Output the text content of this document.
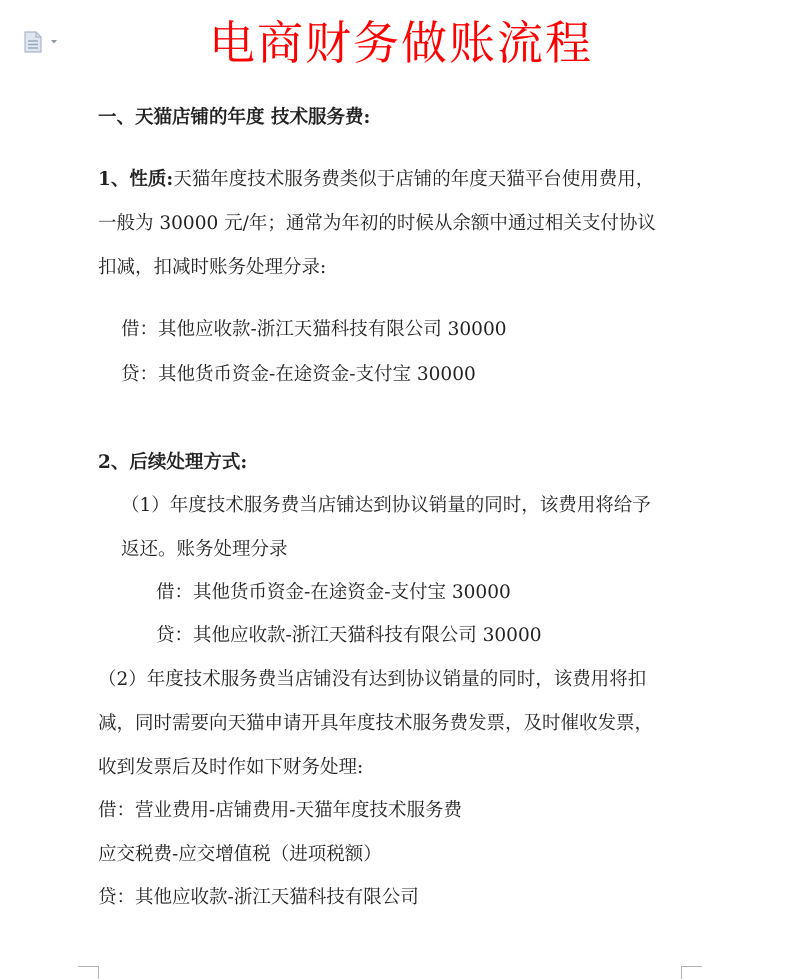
电商财务做账流程
一、天猫店铺的年度 技术服务费:
1、性质:天猫年度技术服务费类似于店铺的年度天猫平台使用费用，
一般为 30000 元/年；通常为年初的时候从余额中通过相关支付协议
扣减，扣减时账务处理分录:
借：其他应收款-浙江天猫科技有限公司 30000
贷：其他货币资金-在途资金-支付宝 30000
2、后续处理方式:
（1）年度技术服务费当店铺达到协议销量的同时，该费用将给予
返还。账务处理分录
借：其他货币资金-在途资金-支付宝 30000
贷：其他应收款-浙江天猫科技有限公司 30000
（2）年度技术服务费当店铺没有达到协议销量的同时，该费用将扣
减，同时需要向天猫申请开具年度技术服务费发票，及时催收发票，
收到发票后及时作如下财务处理:
借：营业费用-店铺费用-天猫年度技术服务费
应交税费-应交增值税（进项税额）
贷：其他应收款-浙江天猫科技有限公司
